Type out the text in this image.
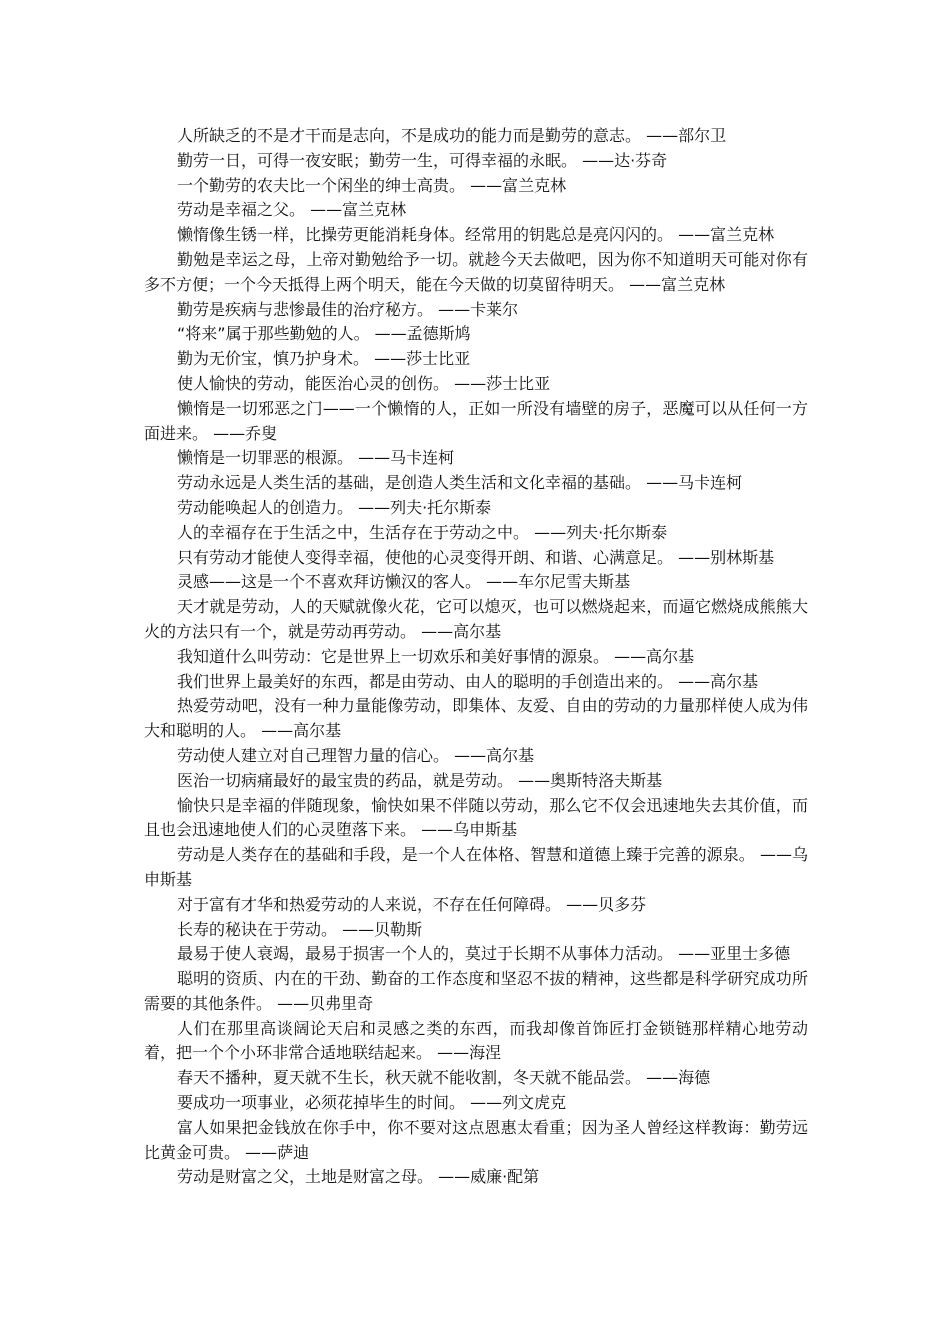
人所缺乏的不是才干而是志向，不是成功的能力而是勤劳的意志。 ——部尔卫

勤劳一日，可得一夜安眠；勤劳一生，可得幸福的永眠。 ——达·芬奇

一个勤劳的农夫比一个闲坐的绅士高贵。 ——富兰克林

劳动是幸福之父。 ——富兰克林

懒惰像生锈一样，比操劳更能消耗身体。经常用的钥匙总是亮闪闪的。 ——富兰克林

勤勉是幸运之母，上帝对勤勉给予一切。就趁今天去做吧，因为你不知道明天可能对你有多不方便；一个今天抵得上两个明天，能在今天做的切莫留待明天。 ——富兰克林

勤劳是疾病与悲惨最佳的治疗秘方。 ——卡莱尔

“将来”属于那些勤勉的人。 ——孟德斯鸠

勤为无价宝，慎乃护身术。 ——莎士比亚

使人愉快的劳动，能医治心灵的创伤。 ——莎士比亚

懒惰是一切邪恶之门——一个懒惰的人，正如一所没有墙壁的房子，恶魔可以从任何一方面进来。 ——乔叟

懒惰是一切罪恶的根源。 ——马卡连柯

劳动永远是人类生活的基础，是创造人类生活和文化幸福的基础。 ——马卡连柯

劳动能唤起人的创造力。 ——列夫·托尔斯泰

人的幸福存在于生活之中，生活存在于劳动之中。 ——列夫·托尔斯泰

只有劳动才能使人变得幸福，使他的心灵变得开朗、和谐、心满意足。 ——别林斯基

灵感——这是一个不喜欢拜访懒汉的客人。 ——车尔尼雪夫斯基

天才就是劳动，人的天赋就像火花，它可以熄灭，也可以燃烧起来，而逼它燃烧成熊熊大火的方法只有一个，就是劳动再劳动。 ——高尔基

我知道什么叫劳动：它是世界上一切欢乐和美好事情的源泉。 ——高尔基

我们世界上最美好的东西，都是由劳动、由人的聪明的手创造出来的。 ——高尔基

热爱劳动吧，没有一种力量能像劳动，即集体、友爱、自由的劳动的力量那样使人成为伟大和聪明的人。 ——高尔基

劳动使人建立对自己理智力量的信心。 ——高尔基

医治一切病痛最好的最宝贵的药品，就是劳动。 ——奥斯特洛夫斯基

愉快只是幸福的伴随现象，愉快如果不伴随以劳动，那么它不仅会迅速地失去其价值，而且也会迅速地使人们的心灵堕落下来。 ——乌申斯基

劳动是人类存在的基础和手段，是一个人在体格、智慧和道德上臻于完善的源泉。 ——乌申斯基

对于富有才华和热爱劳动的人来说，不存在任何障碍。 ——贝多芬

长寿的秘诀在于劳动。 ——贝勒斯

最易于使人衰竭，最易于损害一个人的，莫过于长期不从事体力活动。 ——亚里士多德

聪明的资质、内在的干劲、勤奋的工作态度和坚忍不拔的精神，这些都是科学研究成功所需要的其他条件。 ——贝弗里奇

人们在那里高谈阔论天启和灵感之类的东西，而我却像首饰匠打金锁链那样精心地劳动着，把一个个小环非常合适地联结起来。 ——海涅

春天不播种，夏天就不生长，秋天就不能收割，冬天就不能品尝。 ——海德

要成功一项事业，必须花掉毕生的时间。 ——列文虎克

富人如果把金钱放在你手中，你不要对这点恩惠太看重；因为圣人曾经这样教诲：勤劳远比黄金可贵。 ——萨迪

劳动是财富之父，土地是财富之母。 ——威廉·配第
